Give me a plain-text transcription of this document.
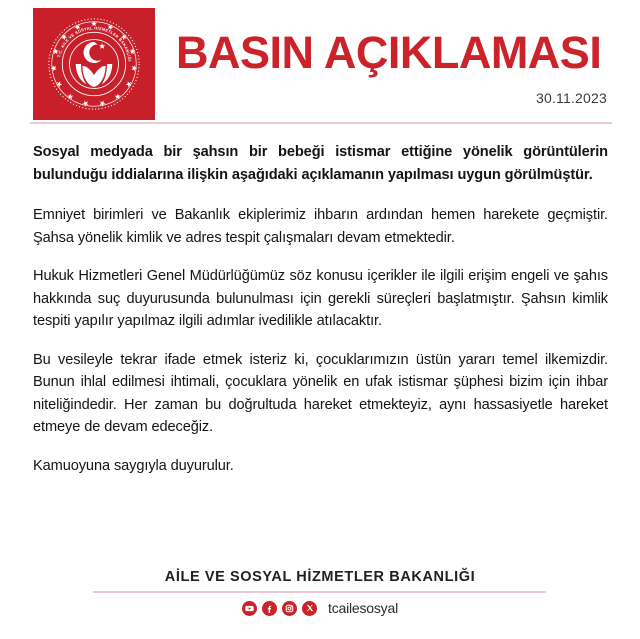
T.C. AİLE VE SOSYAL HİZMETLER BAKANLIĞI BASIN AÇIKLAMASI
30.11.2023

Sosyal medyada bir şahsın bir bebeği istismar ettiğine yönelik görüntülerin bulunduğu iddialarına ilişkin aşağıdaki açıklamanın yapılması uygun görülmüştür.

Emniyet birimleri ve Bakanlık ekiplerimiz ihbarın ardından hemen harekete geçmiştir. Şahsa yönelik kimlik ve adres tespit çalışmaları devam etmektedir.

Hukuk Hizmetleri Genel Müdürlüğümüz söz konusu içerikler ile ilgili erişim engeli ve şahıs hakkında suç duyurusunda bulunulması için gerekli süreçleri başlatmıştır. Şahsın kimlik tespiti yapılır yapılmaz ilgili adımlar ivedilikle atılacaktır.

Bu vesileyle tekrar ifade etmek isteriz ki, çocuklarımızın üstün yararı temel ilkemizdir. Bunun ihlal edilmesi ihtimali, çocuklara yönelik en ufak istismar şüphesi bizim için ihbar niteliğindedir. Her zaman bu doğrultuda hareket etmekteyiz, aynı hassasiyetle hareket etmeye de devam edeceğiz.

Kamuoyuna saygıyla duyurulur.

AİLE VE SOSYAL HİZMETLER BAKANLIĞI
tcailesosyal
